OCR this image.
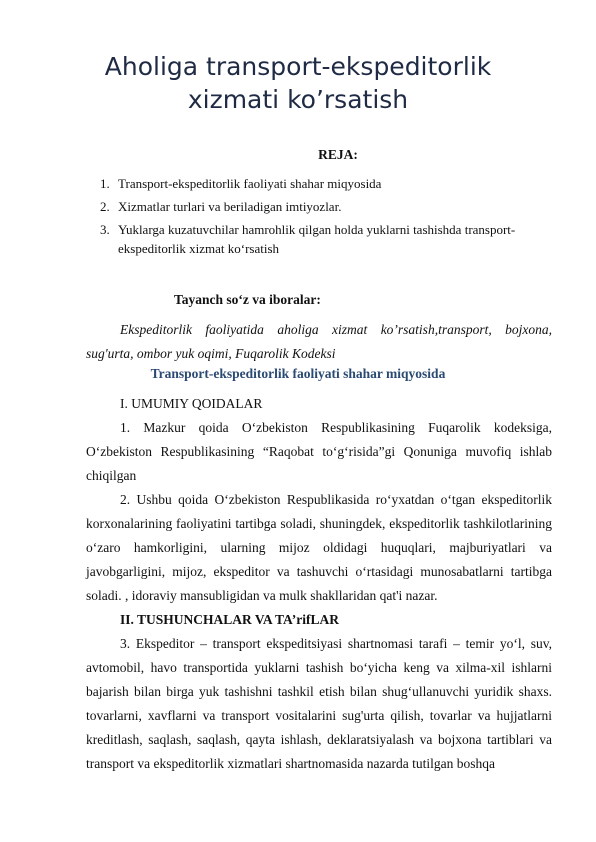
Aholiga transport-ekspeditorlik xizmati ko’rsatish

REJA:

1. Transport-ekspeditorlik faoliyati shahar miqyosida
2. Xizmatlar turlari va beriladigan imtiyozlar.
3. Yuklarga kuzatuvchilar hamrohlik qilgan holda yuklarni tashishda transport-ekspeditorlik xizmat ko‘rsatish

Tayanch so‘z va iboralar:

Ekspeditorlik faoliyatida aholiga xizmat ko’rsatish,transport, bojxona, sug'urta, ombor yuk oqimi, Fuqarolik Kodeksi

Transport-ekspeditorlik faoliyati shahar miqyosida

I. UMUMIY QOIDALAR

1. Mazkur qoida O‘zbekiston Respublikasining Fuqarolik kodeksiga, O‘zbekiston Respublikasining “Raqobat to‘g‘risida”gi Qonuniga muvofiq ishlab chiqilgan

2. Ushbu qoida O‘zbekiston Respublikasida ro‘yxatdan o‘tgan ekspeditorlik korxonalarining faoliyatini tartibga soladi, shuningdek, ekspeditorlik tashkilotlarining o‘zaro hamkorligini, ularning mijoz oldidagi huquqlari, majburiyatlari va javobgarligini, mijoz, ekspeditor va tashuvchi o‘rtasidagi munosabatlarni tartibga soladi. , idoraviy mansubligidan va mulk shakllaridan qat'i nazar.

II. TUSHUNCHALAR VA TA’rifLAR

3. Ekspeditor – transport ekspeditsiyasi shartnomasi tarafi – temir yo‘l, suv, avtomobil, havo transportida yuklarni tashish bo‘yicha keng va xilma-xil ishlarni bajarish bilan birga yuk tashishni tashkil etish bilan shug‘ullanuvchi yuridik shaxs. tovarlarni, xavflarni va transport vositalarini sug'urta qilish, tovarlar va hujjatlarni kreditlash, saqlash, saqlash, qayta ishlash, deklaratsiyalash va bojxona tartiblari va transport va ekspeditorlik xizmatlari shartnomasida nazarda tutilgan boshqa
